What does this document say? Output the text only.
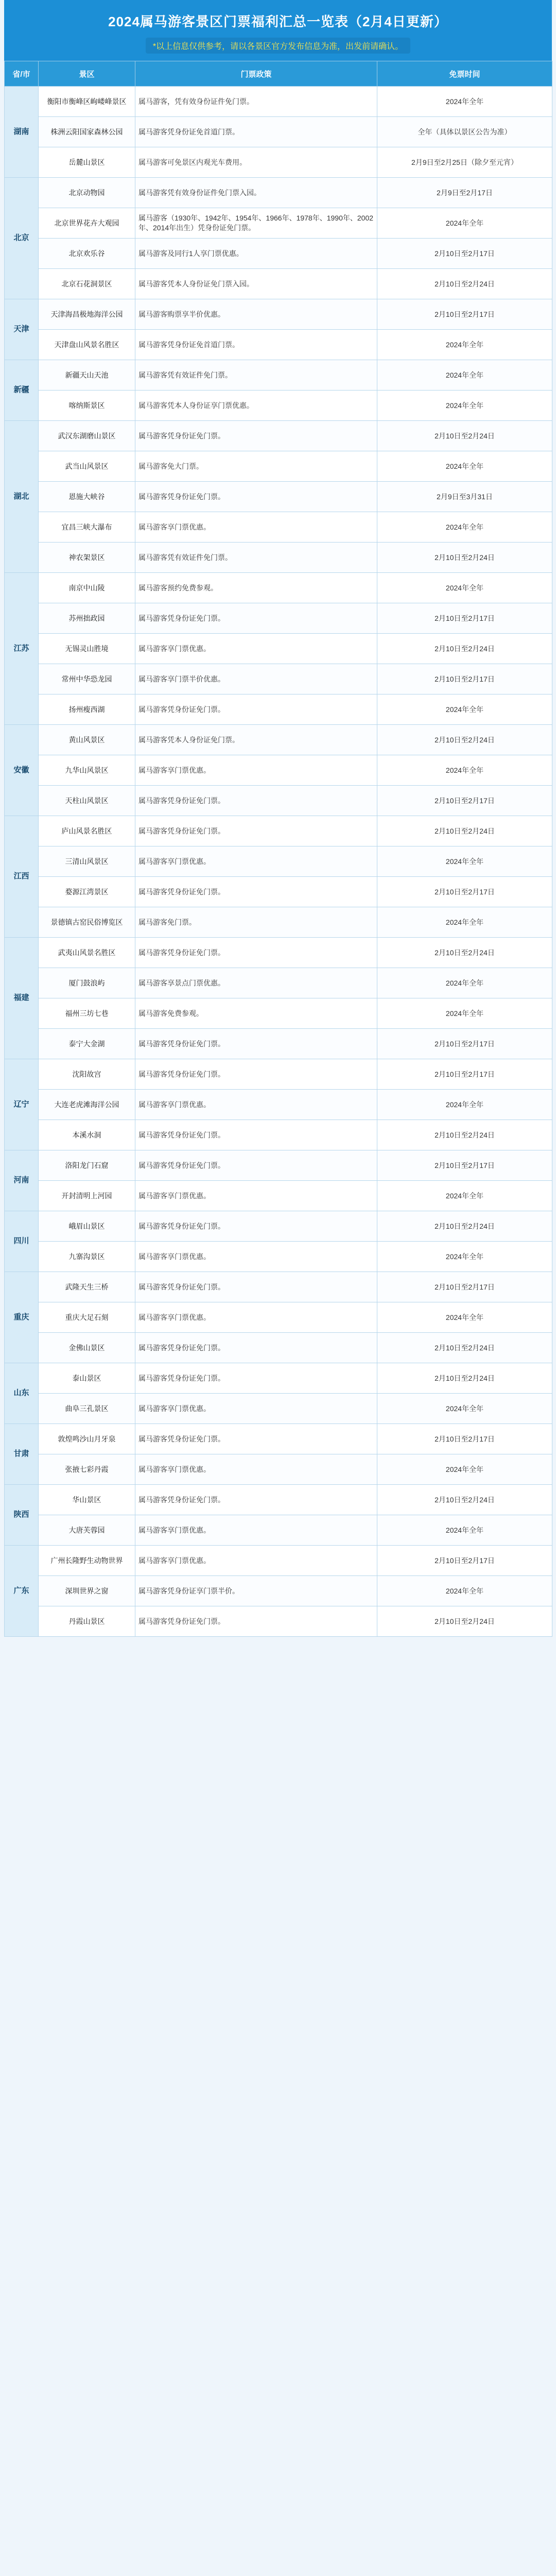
2024属马游客景区门票福利汇总一览表（2月4日更新）
*以上信息仅供参考，请以各景区官方发布信息为准，出发前请确认。
省/市	景区	门票政策	免票时间
湖南	衡阳市衡峰区岣嵝峰景区	属马游客，凭有效身份证件免门票。	2024年全年
	株洲云阳国家森林公园	属马游客凭身份证免首道门票。	全年（具体以景区公告为准）
	岳麓山景区	属马游客可免景区内观光车费用。	2月9日至2月25日（除夕至元宵）
北京	北京动物园	属马游客凭有效身份证件免门票入园。	2月9日至2月17日
	北京世界花卉大观园	属马游客（1930年、1942年、1954年、1966年、1978年、1990年、2002年、2014年出生）凭身份证免门票。	2024年全年
	北京欢乐谷	属马游客及同行1人享门票优惠。	2月10日至2月17日
	北京石花洞景区	属马游客凭本人身份证免门票入园。	2月10日至2月24日
天津	天津海昌极地海洋公园	属马游客购票享半价优惠。	2月10日至2月17日
	天津盘山风景名胜区	属马游客凭身份证免首道门票。	2024年全年
新疆	新疆天山天池	属马游客凭有效证件免门票。	2024年全年
	喀纳斯景区	属马游客凭本人身份证享门票优惠。	2024年全年
湖北	武汉东湖磨山景区	属马游客凭身份证免门票。	2月10日至2月24日
	武当山风景区	属马游客免大门票。	2024年全年
	恩施大峡谷	属马游客凭身份证免门票。	2月9日至3月31日
	宜昌三峡大瀑布	属马游客享门票优惠。	2024年全年
	神农架景区	属马游客凭有效证件免门票。	2月10日至2月24日
江苏	南京中山陵	属马游客预约免费参观。	2024年全年
	苏州拙政园	属马游客凭身份证免门票。	2月10日至2月17日
	无锡灵山胜境	属马游客享门票优惠。	2月10日至2月24日
	常州中华恐龙园	属马游客享门票半价优惠。	2月10日至2月17日
	扬州瘦西湖	属马游客凭身份证免门票。	2024年全年
安徽	黄山风景区	属马游客凭本人身份证免门票。	2月10日至2月24日
	九华山风景区	属马游客享门票优惠。	2024年全年
	天柱山风景区	属马游客凭身份证免门票。	2月10日至2月17日
江西	庐山风景名胜区	属马游客凭身份证免门票。	2月10日至2月24日
	三清山风景区	属马游客享门票优惠。	2024年全年
	婺源江湾景区	属马游客凭身份证免门票。	2月10日至2月17日
	景德镇古窑民俗博览区	属马游客免门票。	2024年全年
福建	武夷山风景名胜区	属马游客凭身份证免门票。	2月10日至2月24日
	厦门鼓浪屿	属马游客享景点门票优惠。	2024年全年
	福州三坊七巷	属马游客免费参观。	2024年全年
	泰宁大金湖	属马游客凭身份证免门票。	2月10日至2月17日
辽宁	沈阳故宫	属马游客凭身份证免门票。	2月10日至2月17日
	大连老虎滩海洋公园	属马游客享门票优惠。	2024年全年
	本溪水洞	属马游客凭身份证免门票。	2月10日至2月24日
河南	洛阳龙门石窟	属马游客凭身份证免门票。	2月10日至2月17日
	开封清明上河园	属马游客享门票优惠。	2024年全年
四川	峨眉山景区	属马游客凭身份证免门票。	2月10日至2月24日
	九寨沟景区	属马游客享门票优惠。	2024年全年
重庆	武隆天生三桥	属马游客凭身份证免门票。	2月10日至2月17日
	重庆大足石刻	属马游客享门票优惠。	2024年全年
	金佛山景区	属马游客凭身份证免门票。	2月10日至2月24日
山东	泰山景区	属马游客凭身份证免门票。	2月10日至2月24日
	曲阜三孔景区	属马游客享门票优惠。	2024年全年
甘肃	敦煌鸣沙山月牙泉	属马游客凭身份证免门票。	2月10日至2月17日
	张掖七彩丹霞	属马游客享门票优惠。	2024年全年
陕西	华山景区	属马游客凭身份证免门票。	2月10日至2月24日
	大唐芙蓉园	属马游客享门票优惠。	2024年全年
广东	广州长隆野生动物世界	属马游客享门票优惠。	2月10日至2月17日
	深圳世界之窗	属马游客凭身份证享门票半价。	2024年全年
	丹霞山景区	属马游客凭身份证免门票。	2月10日至2月24日
